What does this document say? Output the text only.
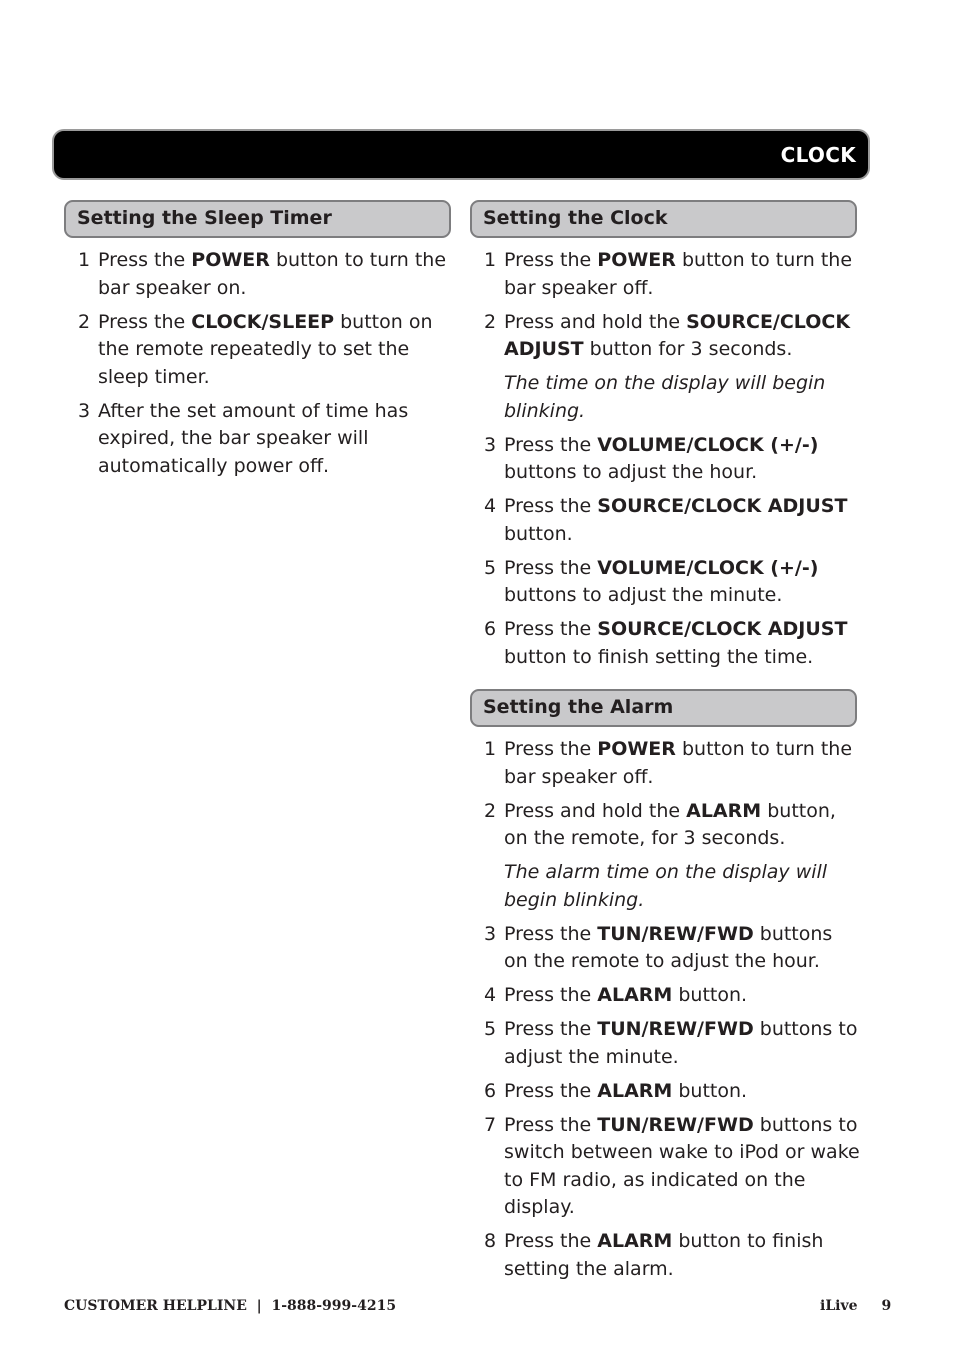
CLOCK
Setting the Sleep Timer
1 Press the POWER button to turn the bar speaker on.
2 Press the CLOCK/SLEEP button on the remote repeatedly to set the sleep timer.
3 After the set amount of time has expired, the bar speaker will automatically power off.
Setting the Clock
1 Press the POWER button to turn the bar speaker off.
2 Press and hold the SOURCE/CLOCK ADJUST button for 3 seconds.
The time on the display will begin blinking.
3 Press the VOLUME/CLOCK (+/-) buttons to adjust the hour.
4 Press the SOURCE/CLOCK ADJUST button.
5 Press the VOLUME/CLOCK (+/-) buttons to adjust the minute.
6 Press the SOURCE/CLOCK ADJUST button to finish setting the time.
Setting the Alarm
1 Press the POWER button to turn the bar speaker off.
2 Press and hold the ALARM button, on the remote, for 3 seconds.
The alarm time on the display will begin blinking.
3 Press the TUN/REW/FWD buttons on the remote to adjust the hour.
4 Press the ALARM button.
5 Press the TUN/REW/FWD buttons to adjust the minute.
6 Press the ALARM button.
7 Press the TUN/REW/FWD buttons to switch between wake to iPod or wake to FM radio, as indicated on the display.
8 Press the ALARM button to finish setting the alarm.
CUSTOMER HELPLINE  |  1-888-999-4215	iLive 9
